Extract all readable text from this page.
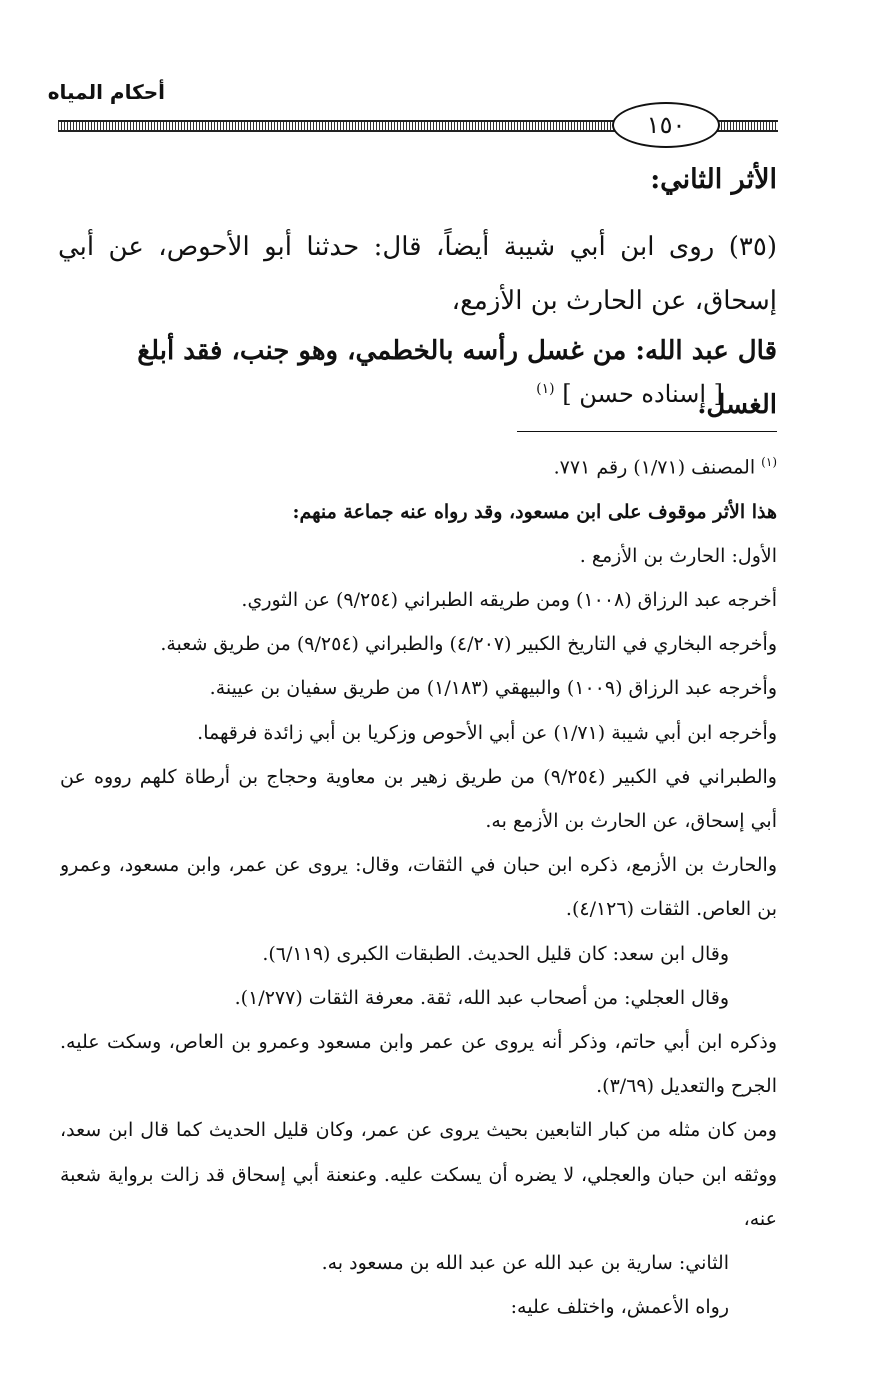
أحكام المياه
١٥٠
الأثر الثاني:
(٣٥) روى ابن أبي شيبة أيضاً، قال: حدثنا أبو الأحوص، عن أبي إسحاق، عن الحارث بن الأزمع،
قال عبد الله: من غسل رأسه بالخطمي، وهو جنب، فقد أبلغ الغسل.
[ إسناده حسن ] $^{(١)}$
$^{(١)}$ المصنف (١/٧١) رقم ٧٧١.
هذا الأثر موقوف على ابن مسعود، وقد رواه عنه جماعة منهم:
الأول: الحارث بن الأزمع .
أخرجه عبد الرزاق (١٠٠٨) ومن طريقه الطبراني (٩/٢٥٤) عن الثوري.
وأخرجه البخاري في التاريخ الكبير (٤/٢٠٧) والطبراني (٩/٢٥٤) من طريق شعبة.
وأخرجه عبد الرزاق (١٠٠٩) والبيهقي (١/١٨٣) من طريق سفيان بن عيينة.
وأخرجه ابن أبي شيبة (١/٧١) عن أبي الأحوص وزكريا بن أبي زائدة فرقهما.
والطبراني في الكبير (٩/٢٥٤) من طريق زهير بن معاوية وحجاج بن أرطاة كلهم رووه عن أبي إسحاق، عن الحارث بن الأزمع به.
والحارث بن الأزمع، ذكره ابن حبان في الثقات، وقال: يروى عن عمر، وابن مسعود، وعمرو بن العاص. الثقات (٤/١٢٦).
وقال ابن سعد: كان قليل الحديث. الطبقات الكبرى (٦/١١٩).
وقال العجلي: من أصحاب عبد الله، ثقة. معرفة الثقات (١/٢٧٧).
وذكره ابن أبي حاتم، وذكر أنه يروى عن عمر وابن مسعود وعمرو بن العاص، وسكت عليه. الجرح والتعديل (٣/٦٩).
ومن كان مثله من كبار التابعين بحيث يروى عن عمر، وكان قليل الحديث كما قال ابن سعد، ووثقه ابن حبان والعجلي، لا يضره أن يسكت عليه. وعنعنة أبي إسحاق قد زالت برواية شعبة عنه،
الثاني: سارية بن عبد الله عن عبد الله بن مسعود به.
رواه الأعمش، واختلف عليه:
